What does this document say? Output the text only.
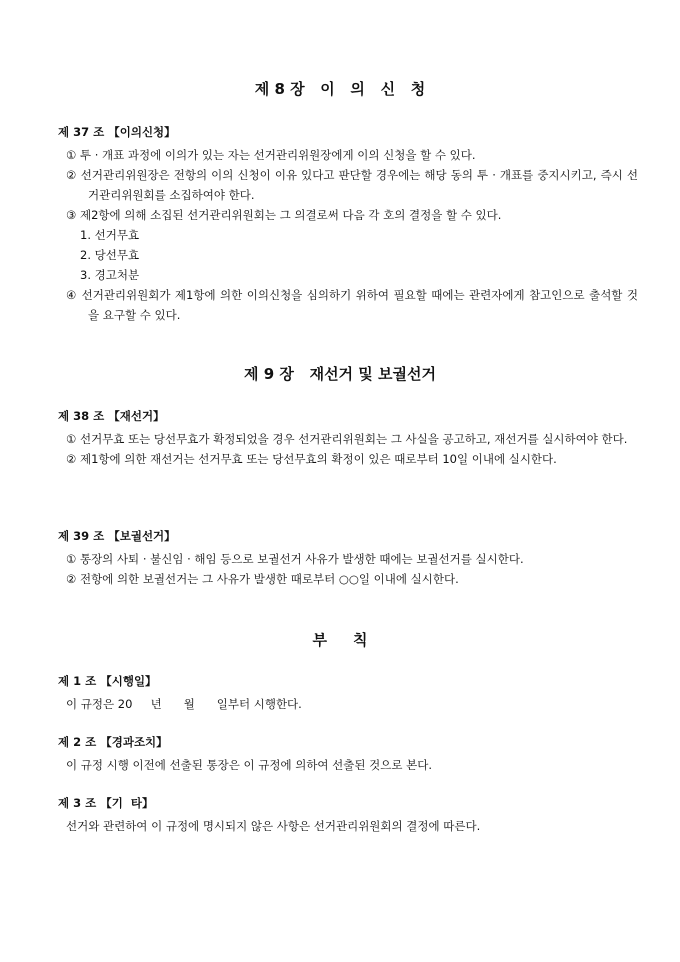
제 8 장   이   의   신   청

제 37 조 【이의신청】

① 투 · 개표 과정에 이의가 있는 자는 선거관리위원장에게 이의 신청을 할 수 있다.

② 선거관리위원장은 전항의 이의 신청이 이유 있다고 판단할 경우에는 해당 동의 투 · 개표를 중지시키고, 즉시 선거관리위원회를 소집하여야 한다.

③ 제2항에 의해 소집된 선거관리위원회는 그 의결로써 다음 각 호의 결정을 할 수 있다.

1. 선거무효

2. 당선무효

3. 경고처분

④ 선거관리위원회가 제1항에 의한 이의신청을 심의하기 위하여 필요할 때에는 관련자에게 참고인으로 출석할 것을 요구할 수 있다.

제 9 장   재선거 및 보궐선거

제 38 조 【재선거】

① 선거무효 또는 당선무효가 확정되었을 경우 선거관리위원회는 그 사실을 공고하고, 재선거를 실시하여야 한다.

② 제1항에 의한 재선거는 선거무효 또는 당선무효의 확정이 있은 때로부터 10일 이내에 실시한다.

제 39 조 【보궐선거】

① 통장의 사퇴 · 불신임 · 해임 등으로 보궐선거 사유가 발생한 때에는 보궐선거를 실시한다.

② 전항에 의한 보궐선거는 그 사유가 발생한 때로부터 ○○일 이내에 실시한다.

부     칙

제 1 조 【시행일】

이 규정은 20     년      월      일부터 시행한다.

제 2 조 【경과조치】

이 규정 시행 이전에 선출된 통장은 이 규정에 의하여 선출된 것으로 본다.

제 3 조 【기  타】

선거와 관련하여 이 규정에 명시되지 않은 사항은 선거관리위원회의 결정에 따른다.
